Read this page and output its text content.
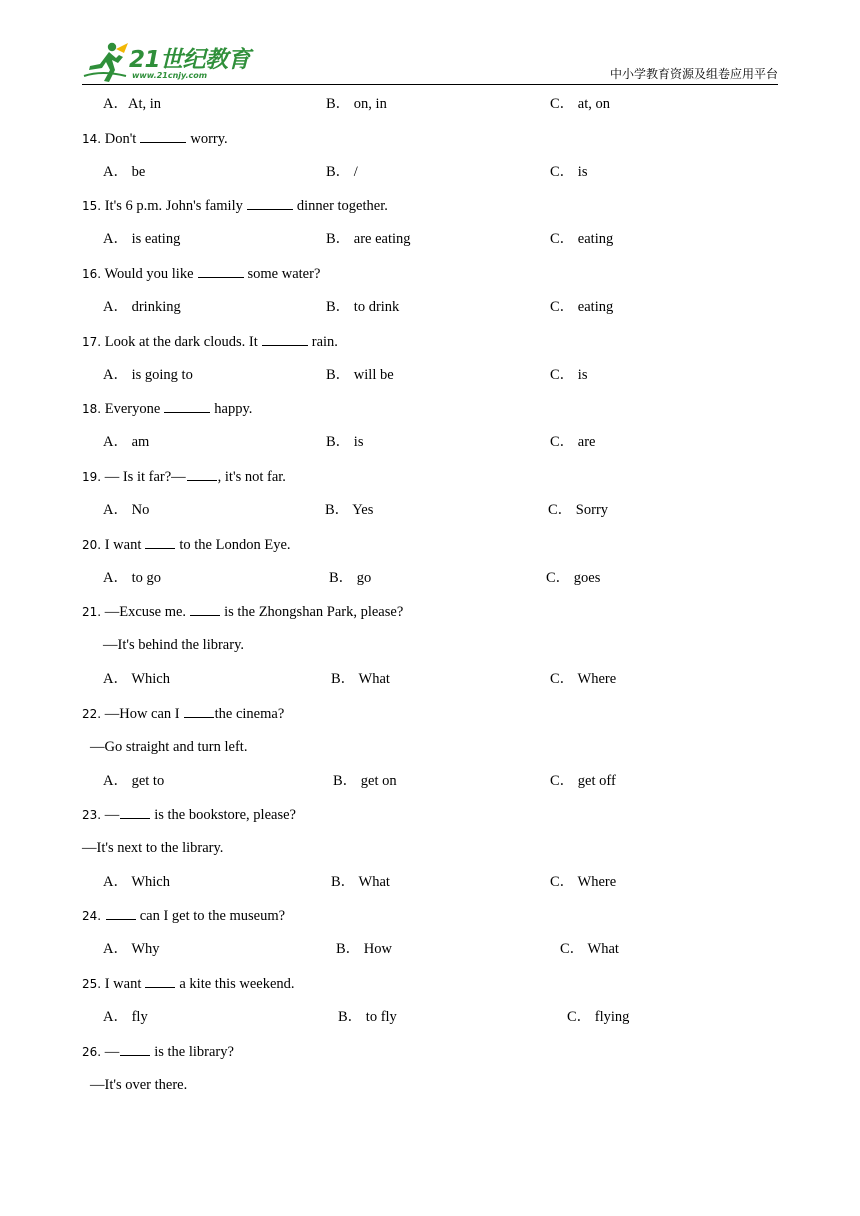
21世纪教育
www.21cnjy.com	中小学教育资源及组卷应用平台
A．At, in	B． on, in	C． at, on
14. Don't	worry.
A． be	B． /	C． is
15. It's 6 p.m. John's family	dinner together.
A． is eating	B． are eating	C． eating
16. Would you like	some water?
A． drinking	B． to drink	C． eating
17. Look at the dark clouds. It	rain.
A． is going to	B． will be	C． is
18. Everyone	happy.
A． am	B． is	C． are
19. — Is it far?— , it's not far.
A． No	B． Yes	C． Sorry
20. I want	to the London Eye.
A． to go	B． go	C． goes
21. —Excuse me.	is the Zhongshan Park, please?
—It's behind the library.
A． Which	B． What	C． Where
22. —How can I the cinema?
—Go straight and turn left.
A． get to	B． get on	C． get off
23. — is the bookstore, please?
—It's next to the library.
A． Which	B． What	C． Where
24.	can I get to the museum?
A． Why	B． How	C． What
25. I want	a kite this weekend.
A． fly	B． to fly	C． flying
26. — is the library?
—It's over there.
